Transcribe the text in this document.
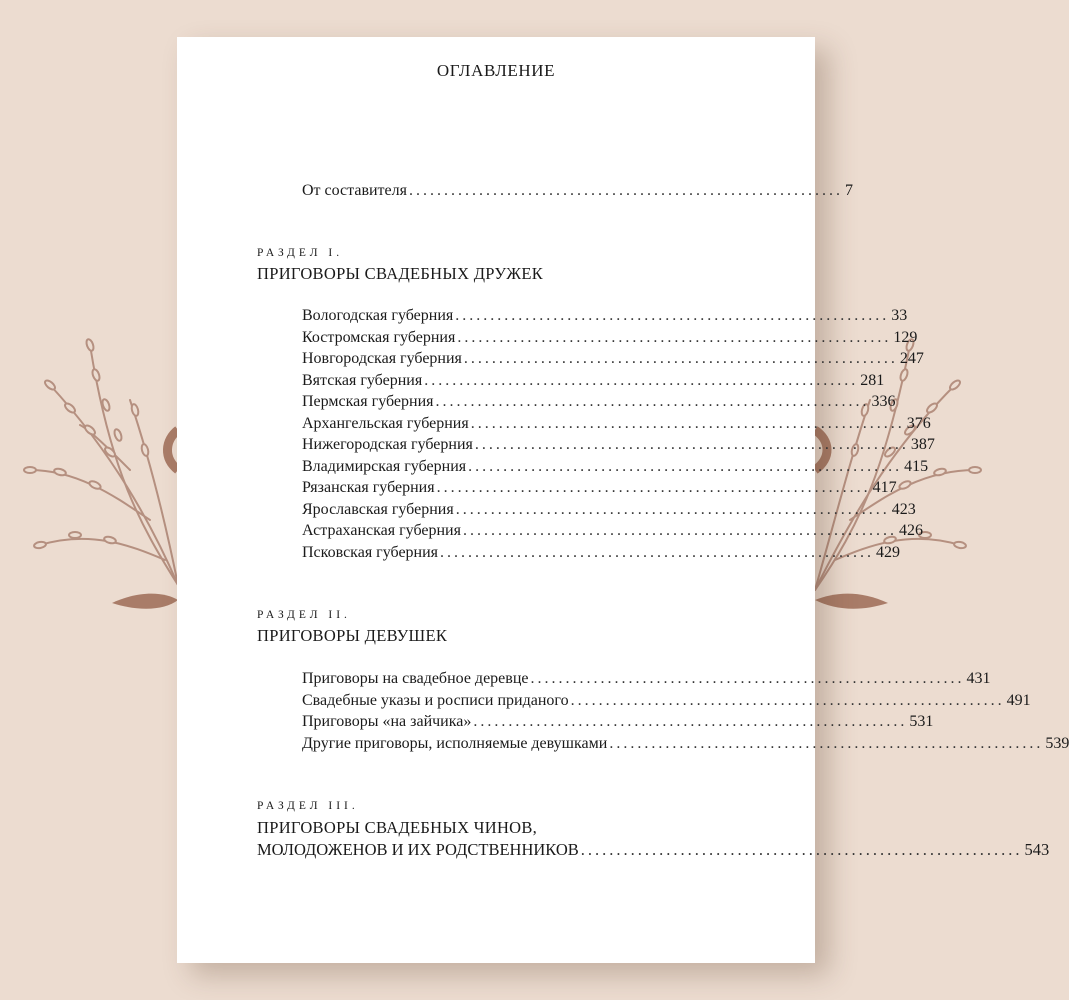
ОГЛАВЛЕНИЕ
От составителя .............................................................. 7
РАЗДЕЛ I.
ПРИГОВОРЫ СВАДЕБНЫХ ДРУЖЕК
Вологодская губерния .............................................................. 33
Костромская губерния .............................................................. 129
Новгородская губерния .............................................................. 247
Вятская губерния .............................................................. 281
Пермская губерния .............................................................. 336
Архангельская губерния .............................................................. 376
Нижегородская губерния .............................................................. 387
Владимирская губерния .............................................................. 415
Рязанская губерния .............................................................. 417
Ярославская губерния .............................................................. 423
Астраханская губерния .............................................................. 426
Псковская губерния .............................................................. 429
РАЗДЕЛ II.
ПРИГОВОРЫ ДЕВУШЕК
Приговоры на свадебное деревце .............................................................. 431
Свадебные указы и росписи приданого .............................................................. 491
Приговоры «на зайчика» .............................................................. 531
Другие приговоры, исполняемые девушками .............................................................. 539
РАЗДЕЛ III.
ПРИГОВОРЫ СВАДЕБНЫХ ЧИНОВ,
МОЛОДОЖЕНОВ И ИХ РОДСТВЕННИКОВ .............................................................. 543
